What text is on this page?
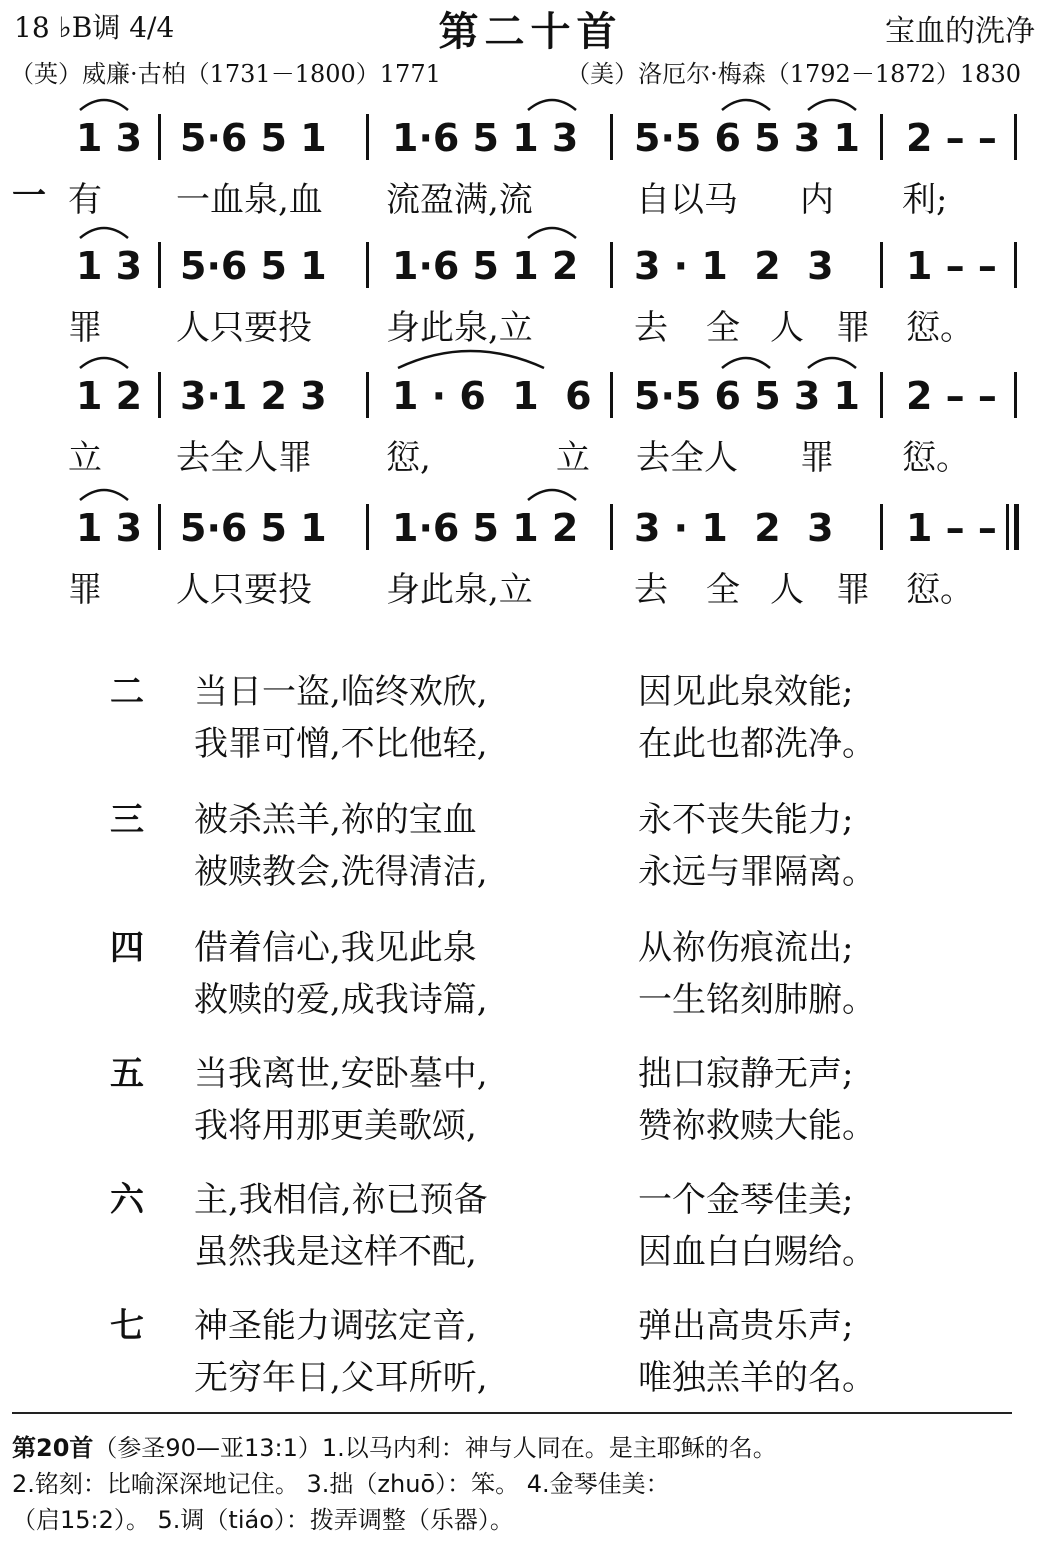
18 ♭B调 4/4	第二十首	宝血的洗净
（英）威廉·古柏（1731－1800）1771	（美）洛厄尔·梅森（1792－1872）1830
一
1 3 5·6 5 1 1·6 5 1 3 5·5 6 5 3 1 2 – –
有 一血泉,血 流盈满,流	自以马 内 利;
1 3 5·6 5 1 1·6 5 1 2 3 · 1  2  3 1 – –
罪 人只要投 身此泉,立	去 全 人 罪 愆。
1 2 3·1 2 3 1 · 6  1  6 5·5 6 5 3 1 2 – –
立 去全人罪 愆,	立 去全人 罪 愆。
1 3 5·6 5 1 1·6 5 1 2 3 · 1  2  3 1 – –
罪 人只要投 身此泉,立	去 全 人 罪 愆。
二 当日一盗,临终欢欣,	因见此泉效能;
我罪可憎,不比他轻,	在此也都洗净。
三 被杀羔羊,祢的宝血	永不丧失能力;
被赎教会,洗得清洁,	永远与罪隔离。
四 借着信心,我见此泉	从祢伤痕流出;
救赎的爱,成我诗篇,	一生铭刻肺腑。
五 当我离世,安卧墓中,	拙口寂静无声;
我将用那更美歌颂,	赞祢救赎大能。
六 主,我相信,祢已预备	一个金琴佳美;
虽然我是这样不配,	因血白白赐给。
七 神圣能力调弦定音,	弹出高贵乐声;
无穷年日,父耳所听,	唯独羔羊的名。
第20首（参圣90—亚13:1）1.以马内利：神与人同在。是主耶稣的名。
2.铭刻：比喻深深地记住。 3.拙（zhuō）：笨。 4.金琴佳美：
（启15:2）。 5.调（tiáo）：拨弄调整（乐器）。
